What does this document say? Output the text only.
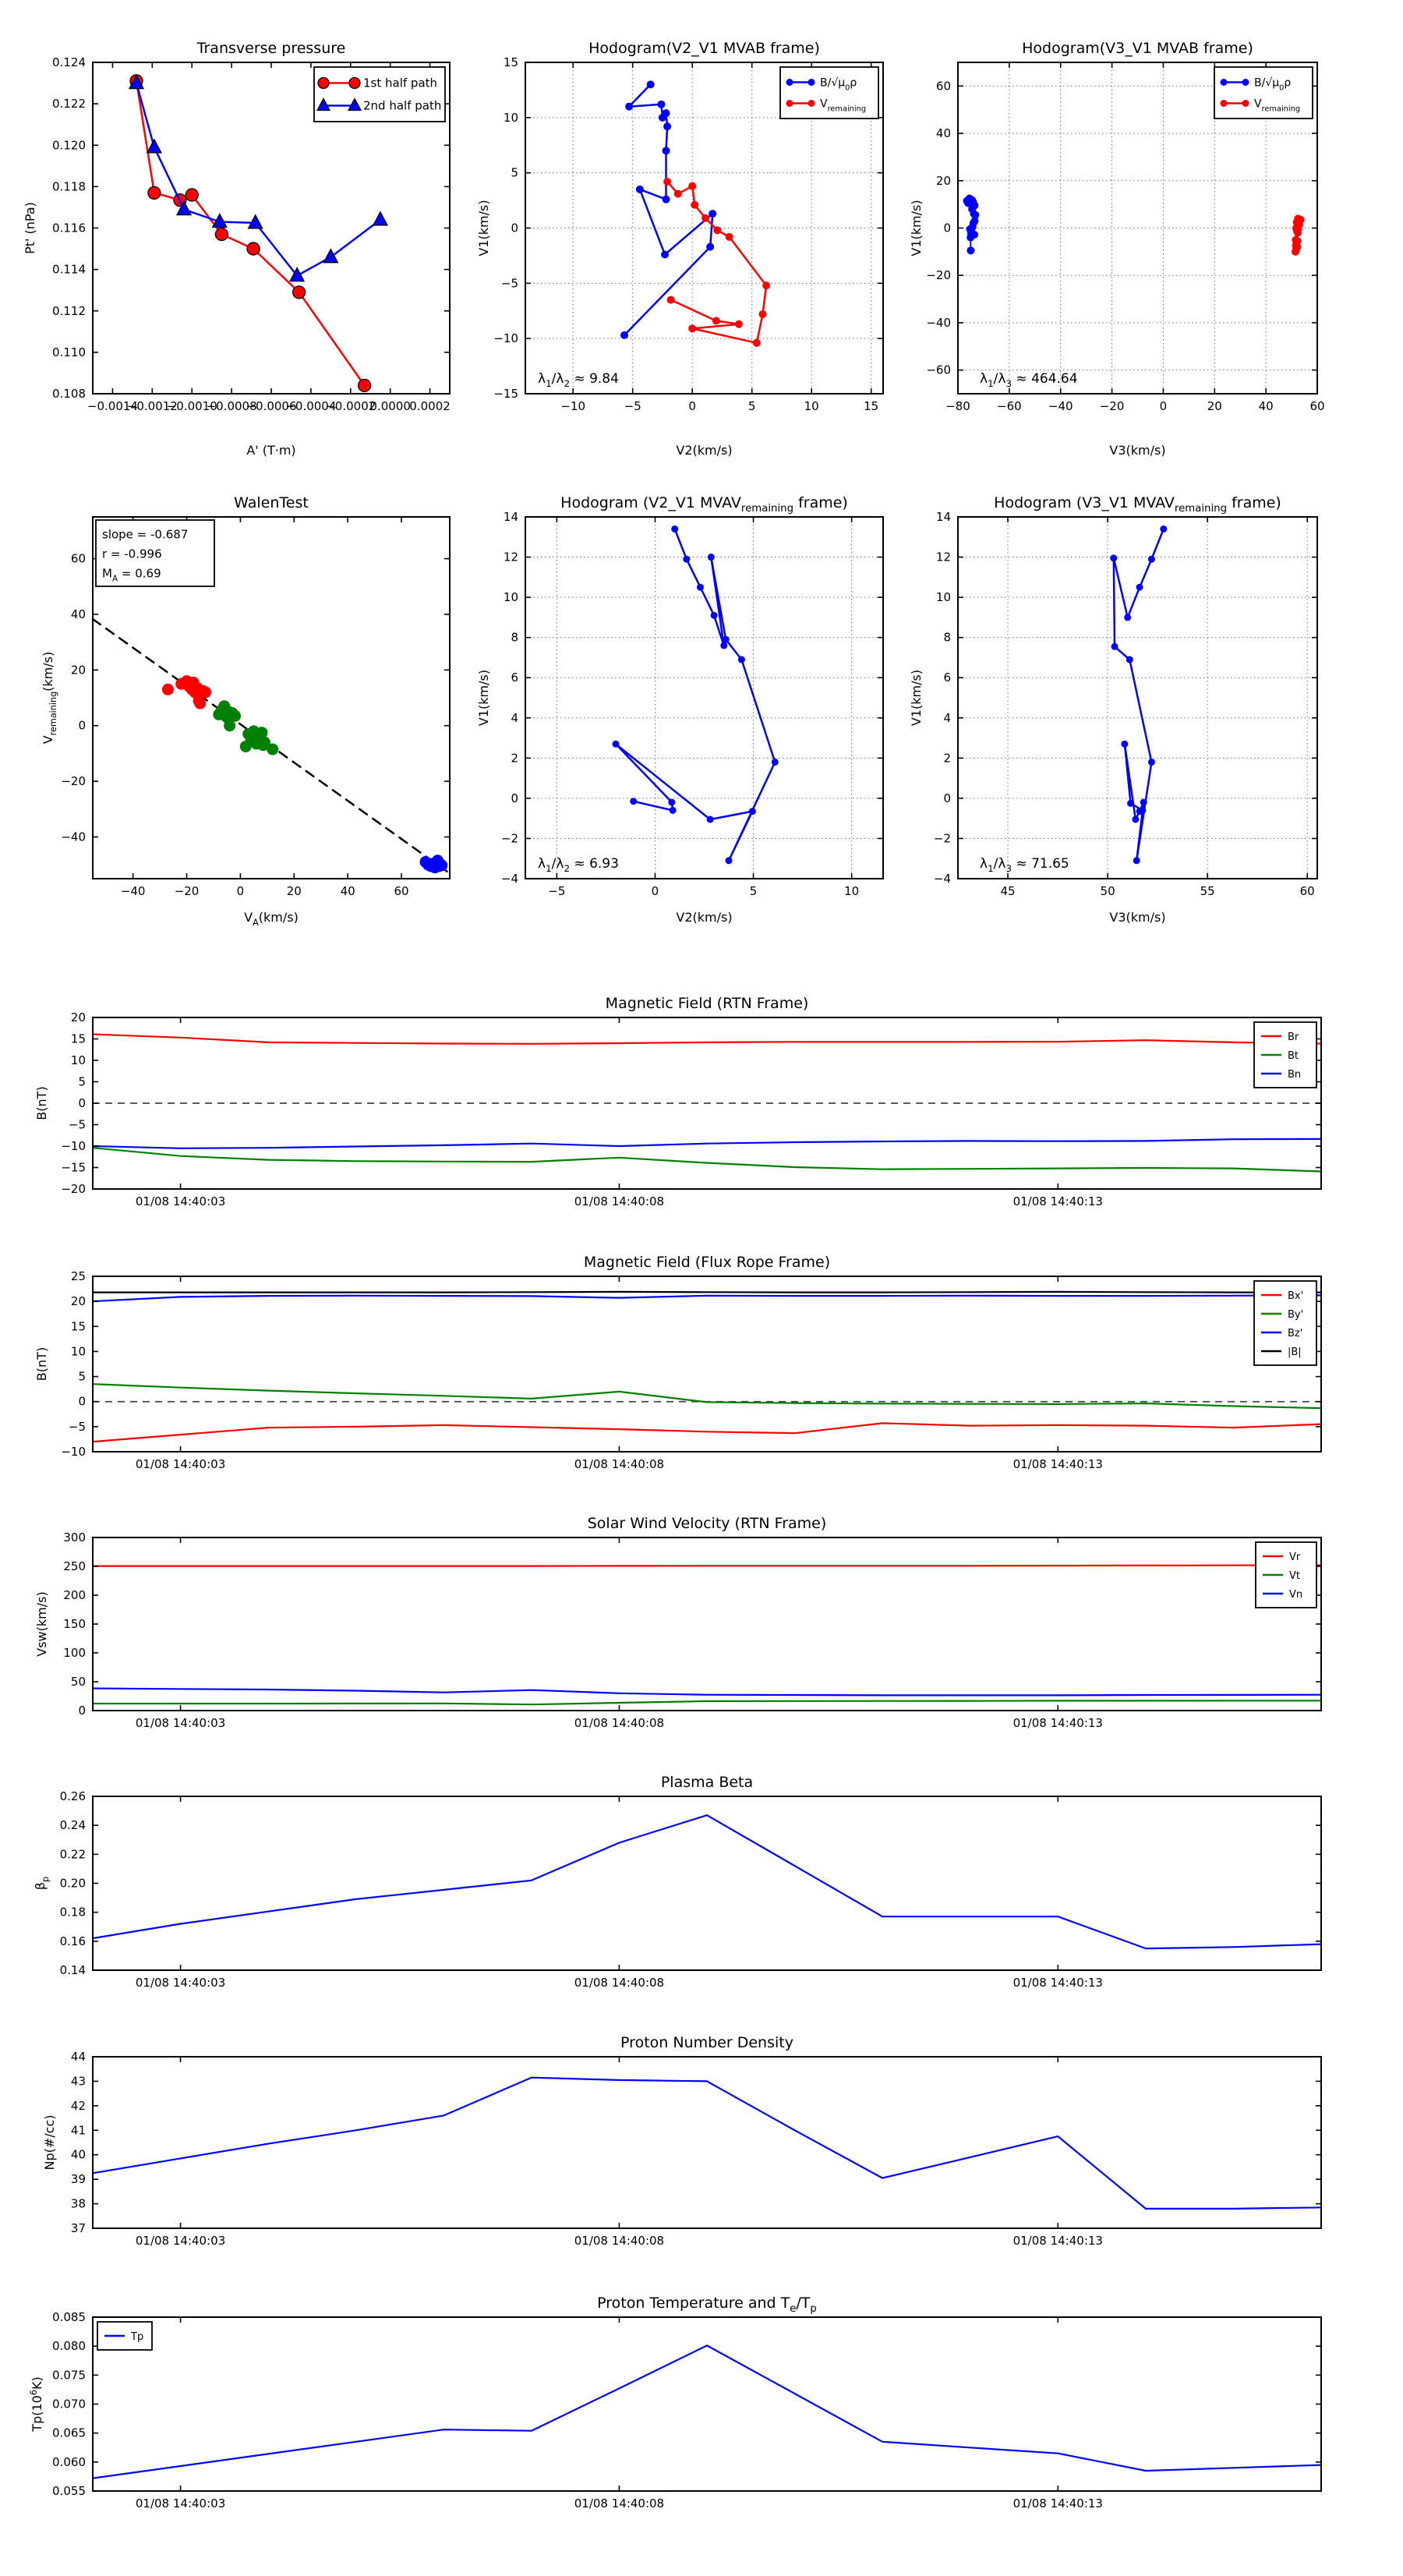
−0.0014
−0.0012
−0.0010
−0.0008
−0.0006
−0.0004
−0.0002
0.0000
0.0002
0.108
0.110
0.112
0.114
0.116
0.118
0.120
0.122
0.124
Transverse pressure
A' (T·m)
Pt' (nPa)
1st half path
2nd half path
−10	−5	0	5	10	15
−15
−10
−5
0
5
10
15
Hodogram(V2_V1 MVAB frame)
V2(km/s)
V1(km/s)
$B/√\mu_0\rho$
$V_{remaining}$
$\lambda_1/\lambda_2 \approx 9.84$
−80 −60 −40 −20	0	20	40	60
−60
−40
−20
0
20
40
60
Hodogram(V3_V1 MVAB frame)
V3(km/s)
V1(km/s)
$B/√\mu_0\rho$
$V_{remaining}$
$\lambda_1/\lambda_3 \approx 464.64$
−40 −20	0	20	40	60
−40
−20
0
20
40
60
WalenTest
$V_A(km/s)$
$V_{remaining}(km/s)$
slope = -0.687
r = -0.996
$M_A = 0.69$
−5	0	5	10
−4
−2
0
2
4
6
8
10
12
14
Hodogram (V2_V1 $MVAV_{remaining}$ frame)
V2(km/s)
V1(km/s)
$\lambda_1/\lambda_2 \approx 6.93$
45	50	55	60
−4
−2
0
2
4
6
8
10
12
14
Hodogram (V3_V1 $MVAV_{remaining}$ frame)
V3(km/s)
V1(km/s)
$\lambda_1/\lambda_3 \approx 71.65$
01/08 14:40:03	01/08 14:40:08	01/08 14:40:13
−20
−15
−10
−5
0
5
10
15
20
Magnetic Field (RTN Frame)
B(nT)
Br
Bt
Bn
01/08 14:40:03	01/08 14:40:08	01/08 14:40:13
−10
−5
0
5
10
15
20
25
Magnetic Field (Flux Rope Frame)
B(nT)
Bx'
By'
Bz'
|B|
01/08 14:40:03	01/08 14:40:08	01/08 14:40:13
0
50
100
150
200
250
300
Solar Wind Velocity (RTN Frame)
Vsw(km/s)
Vr
Vt
Vn
01/08 14:40:03	01/08 14:40:08	01/08 14:40:13
0.14
0.16
0.18
0.20
0.22
0.24
0.26
Plasma Beta
$\beta_p$
01/08 14:40:03	01/08 14:40:08	01/08 14:40:13
37
38
39
40
41
42
43
44
Proton Number Density
Np(#/cc)
01/08 14:40:03	01/08 14:40:08	01/08 14:40:13
0.055
0.060
0.065
0.070
0.075
0.080
0.085
Proton Temperature and $T_e/T_p$
$Tp(10^6K)$
Tp
